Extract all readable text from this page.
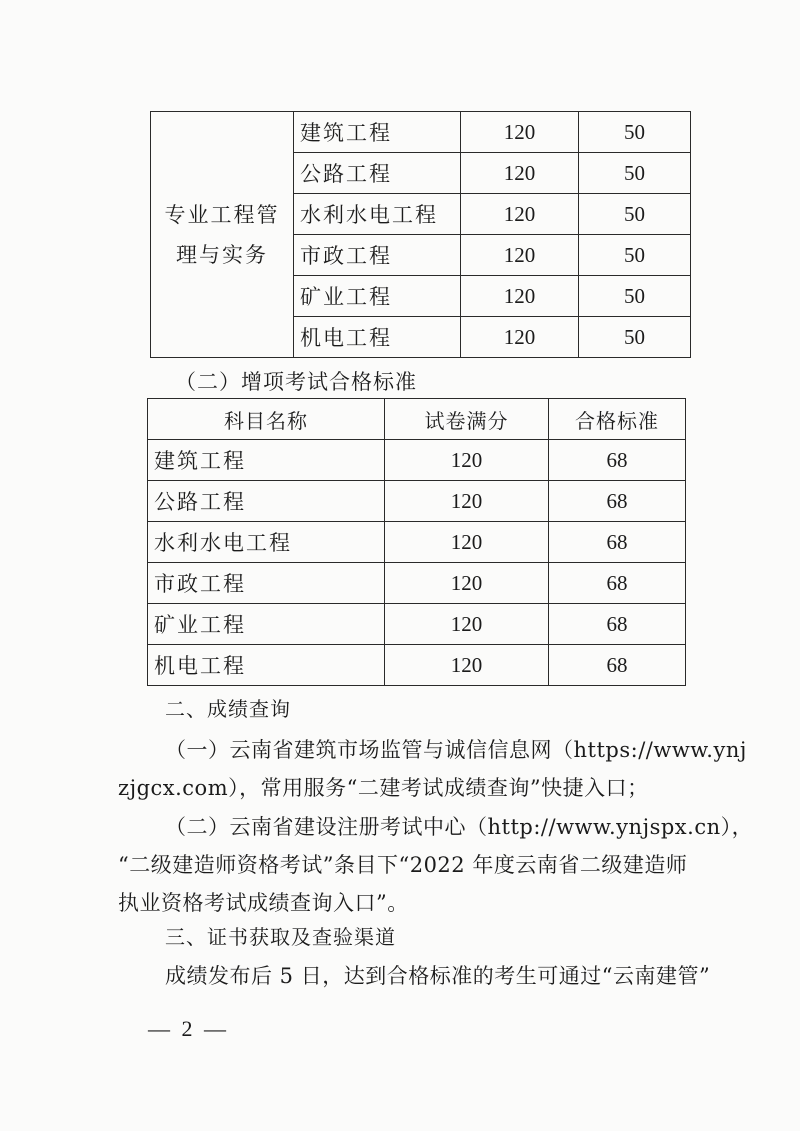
专业工程管
理与实务	建筑工程	120	50
	公路工程	120	50
	水利水电工程	120	50
	市政工程	120	50
	矿业工程	120	50
	机电工程	120	50
（二）增项考试合格标准
科目名称	试卷满分	合格标准
建筑工程	120	68
公路工程	120	68
水利水电工程	120	68
市政工程	120	68
矿业工程	120	68
机电工程	120	68
二、成绩查询
（一）云南省建筑市场监管与诚信信息网（https://www.ynj
zjgcx.com），常用服务“二建考试成绩查询”快捷入口；
（二）云南省建设注册考试中心（http://www.ynjspx.cn），
“二级建造师资格考试”条目下“2022 年度云南省二级建造师
执业资格考试成绩查询入口”。
三、证书获取及查验渠道
成绩发布后 5 日，达到合格标准的考生可通过“云南建管”
— 2 —
